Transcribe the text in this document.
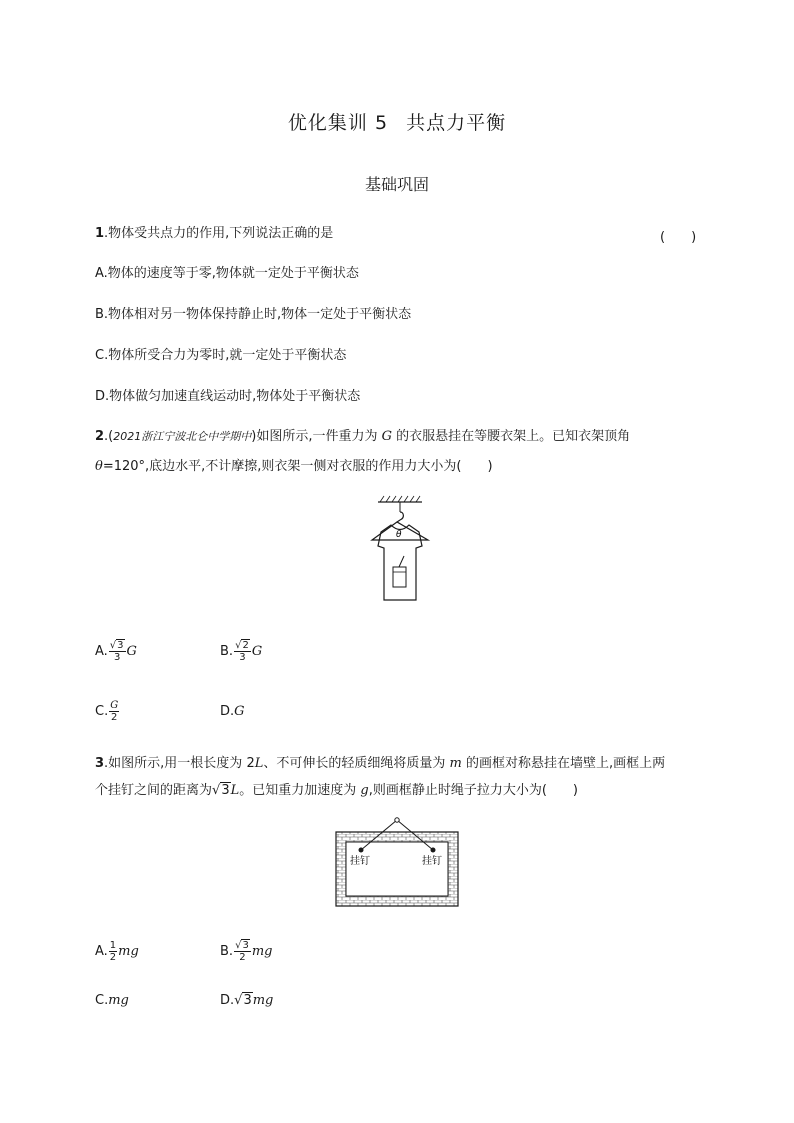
优化集训 5 共点力平衡
基础巩固
1.物体受共点力的作用,下列说法正确的是	(　　)
A.物体的速度等于零,物体就一定处于平衡状态
B.物体相对另一物体保持静止时,物体一定处于平衡状态
C.物体所受合力为零时,就一定处于平衡状态
D.物体做匀加速直线运动时,物体处于平衡状态
2.(2021浙江宁波北仑中学期中)如图所示,一件重力为 G 的衣服悬挂在等腰衣架上。已知衣架顶角
θ=120°,底边水平,不计摩擦,则衣架一侧对衣服的作用力大小为(　　)
θ
A. $\frac{√3}{3}$ G	B. $\frac{√2}{3}$ G
C. $\frac{G}{2}$	D.G
3.如图所示,用一根长度为 2L、不可伸长的轻质细绳将质量为 m 的画框对称悬挂在墙壁上,画框上两
个挂钉之间的距离为√3L。已知重力加速度为 g,则画框静止时绳子拉力大小为(　　)
挂钉	挂钉
A. $\frac{1}{2}$ mg	B. $\frac{√3}{2}$ mg
C.mg	D.√3mg
